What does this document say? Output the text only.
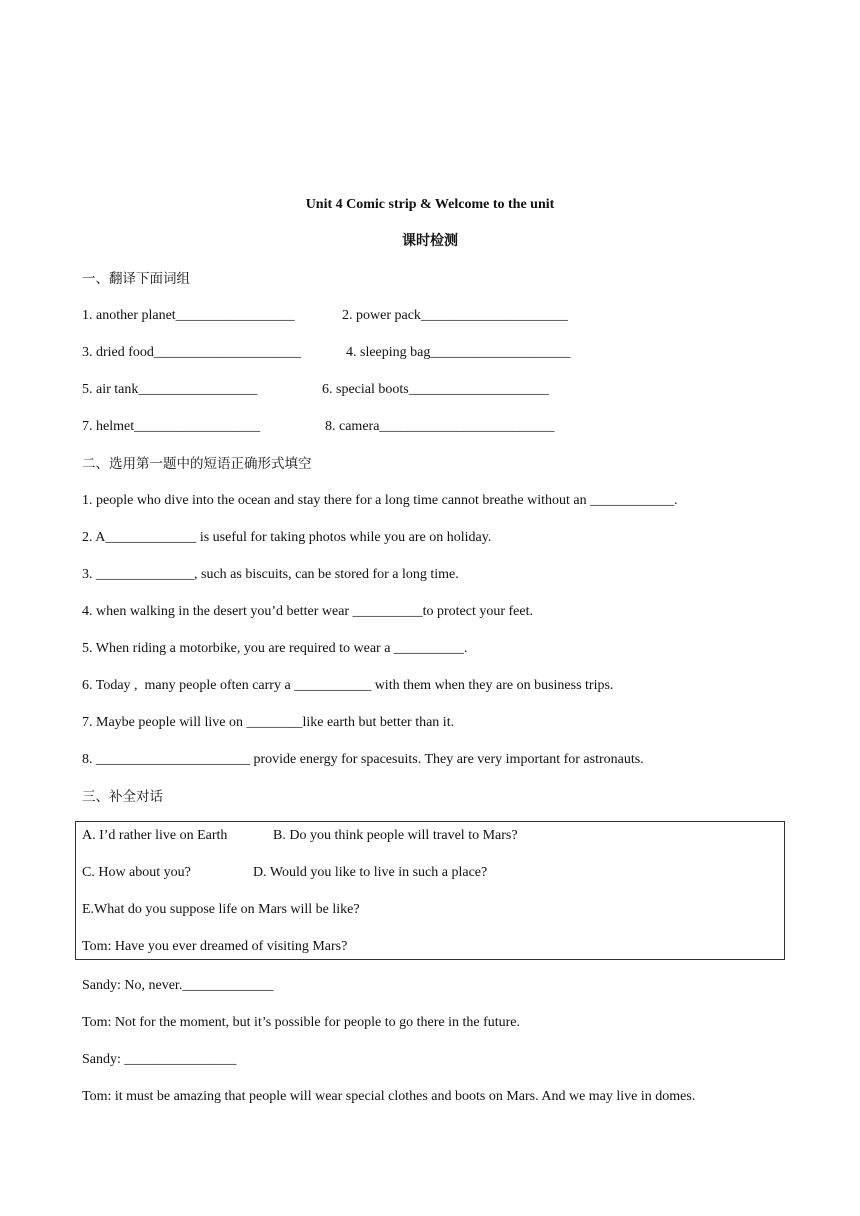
Unit 4 Comic strip & Welcome to the unit
课时检测
一、翻译下面词组
1. another planet_________________	2. power pack_____________________
3. dried food_____________________	4. sleeping bag____________________
5. air tank_________________	6. special boots____________________
7. helmet__________________	8. camera_________________________
二、选用第一题中的短语正确形式填空
1. people who dive into the ocean and stay there for a long time cannot breathe without an ____________.
2. A_____________ is useful for taking photos while you are on holiday.
3. ______________, such as biscuits, can be stored for a long time.
4. when walking in the desert you’d better wear __________to protect your feet.
5. When riding a motorbike, you are required to wear a __________.
6. Today ,  many people often carry a ___________ with them when they are on business trips.
7. Maybe people will live on ________like earth but better than it.
8. ______________________ provide energy for spacesuits. They are very important for astronauts.
三、补全对话
A. I’d rather live on Earth	B. Do you think people will travel to Mars?
C. How about you?	D. Would you like to live in such a place?
E.What do you suppose life on Mars will be like?
Tom: Have you ever dreamed of visiting Mars?
Sandy: No, never._____________
Tom: Not for the moment, but it’s possible for people to go there in the future.
Sandy: ________________
Tom: it must be amazing that people will wear special clothes and boots on Mars. And we may live in domes.
